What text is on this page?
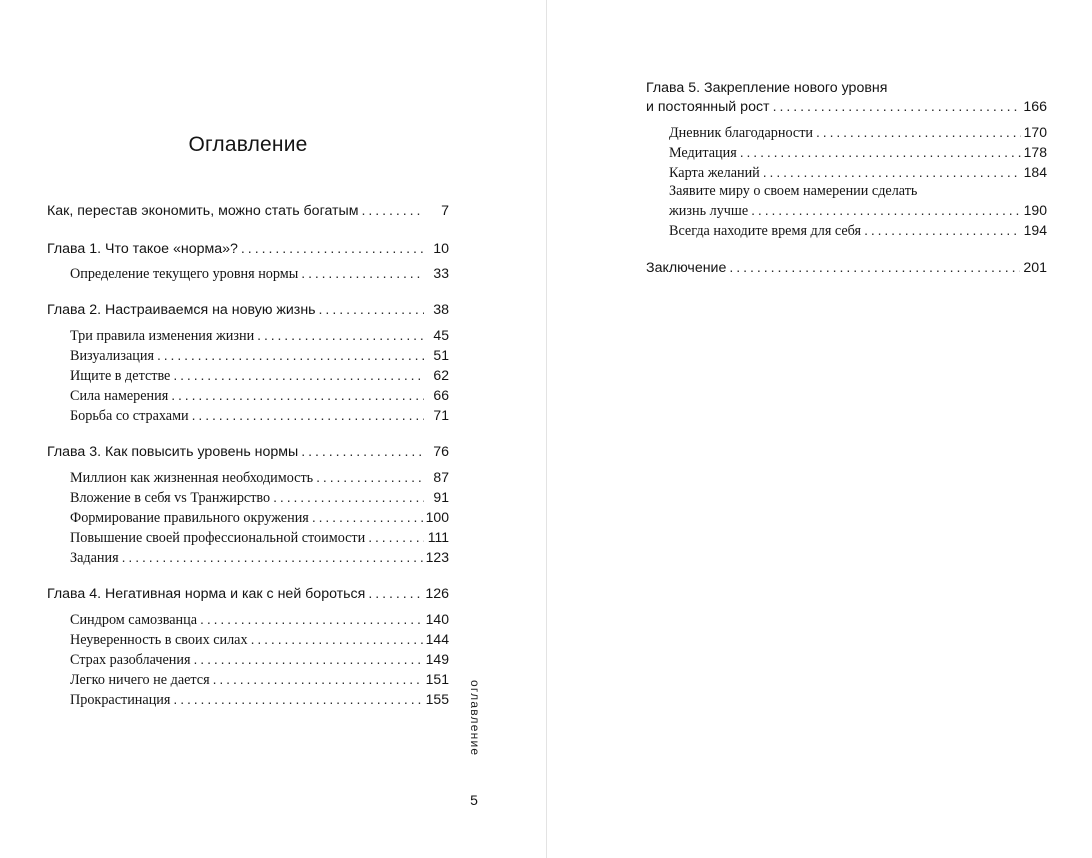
Оглавление
Как, перестав экономить, можно стать богатым . . .	7
Глава 1. Что такое «норма»? . . .	10
Определение текущего уровня нормы . . .	33
Глава 2. Настраиваемся на новую жизнь . . .	38
Три правила изменения жизни . . .	45
Визуализация . . .	51
Ищите в детстве . . .	62
Сила намерения . . .	66
Борьба со страхами . . .	71
Глава 3. Как повысить уровень нормы . . .	76
Миллион как жизненная необходимость . . .	87
Вложение в себя vs Транжирство . . .	91
Формирование правильного окружения . . .	100
Повышение своей профессиональной стоимости . . .	111
Задания . . .	123
Глава 4. Негативная норма и как с ней бороться . . .	126
Синдром самозванца . . .	140
Неуверенность в своих силах . . .	144
Страх разоблачения . . .	149
Легко ничего не дается . . .	151
Прокрастинация . . .	155 оглавление
5
Глава 5. Закрепление нового уровня
и постоянный рост . . .	166
Дневник благодарности . . .	170
Медитация . . .	178
Карта желаний . . .	184
Заявите миру о своем намерении сделать
жизнь лучше . . .	190
Всегда находите время для себя . . .	194
Заключение . . .	201
